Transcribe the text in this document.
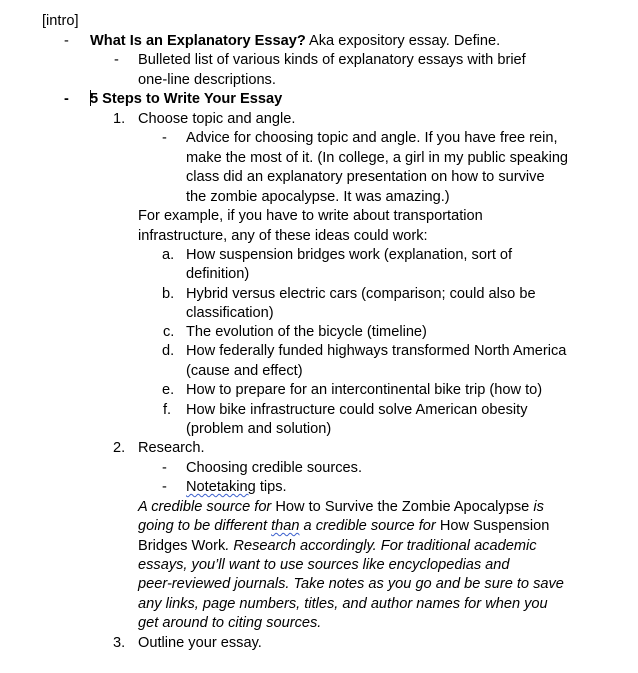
[intro]
- What Is an Explanatory Essay? Aka expository essay. Define.
- Bulleted list of various kinds of explanatory essays with brief
one-line descriptions.
- 5 Steps to Write Your Essay
1. Choose topic and angle.
- Advice for choosing topic and angle. If you have free rein,
make the most of it. (In college, a girl in my public speaking
class did an explanatory presentation on how to survive
the zombie apocalypse. It was amazing.)
For example, if you have to write about transportation
infrastructure, any of these ideas could work:
a. How suspension bridges work (explanation, sort of
definition)
b. Hybrid versus electric cars (comparison; could also be
classification)
c. The evolution of the bicycle (timeline)
d. How federally funded highways transformed North America
(cause and effect)
e. How to prepare for an intercontinental bike trip (how to)
f. How bike infrastructure could solve American obesity
(problem and solution)
2. Research.
- Choosing credible sources.
- Notetaking tips.
A credible source for How to Survive the Zombie Apocalypse is
going to be different than a credible source for How Suspension
Bridges Work. Research accordingly. For traditional academic
essays, you’ll want to use sources like encyclopedias and
peer-reviewed journals. Take notes as you go and be sure to save
any links, page numbers, titles, and author names for when you
get around to citing sources.
3. Outline your essay.
